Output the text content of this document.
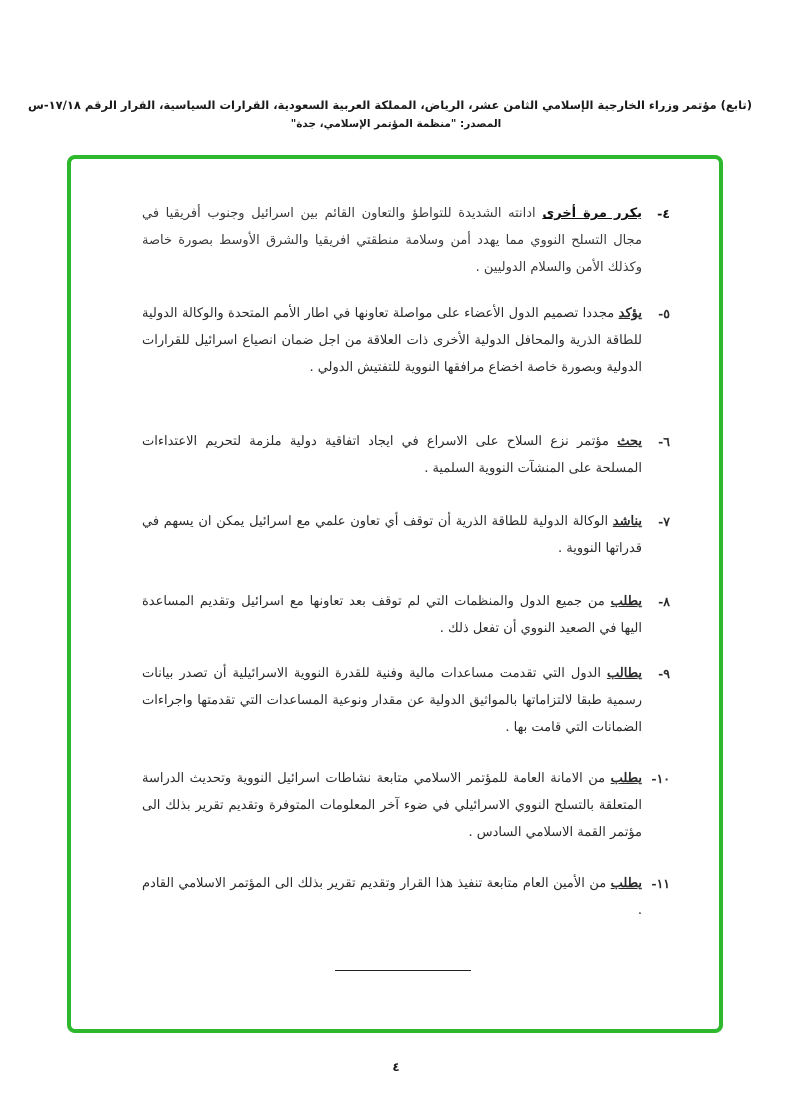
(تابع) مؤتمر وزراء الخارجية الإسلامي الثامن عشر، الرياض، المملكة العربية السعودية، القرارات السياسية، القرار الرقم ١٧/١٨-س
المصدر: "منظمة المؤتمر الإسلامي، جدة"
٤-
يكرر مرة أخرى ادانته الشديدة للتواطؤ والتعاون القائم بين اسرائيل وجنوب أفريقيا في مجال التسلح النووي مما يهدد أمن وسلامة منطقتي افريقيا والشرق الأوسط بصورة خاصة وكذلك الأمن والسلام الدوليين .
٥-
يؤكد مجددا تصميم الدول الأعضاء على مواصلة تعاونها في اطار الأمم المتحدة والوكالة الدولية للطاقة الذرية والمحافل الدولية الأخرى ذات العلاقة من اجل ضمان انصياع اسرائيل للقرارات الدولية وبصورة خاصة اخضاع مرافقها النووية للتفتيش الدولي .
٦-
يحث مؤتمر نزع السلاح على الاسراع في ايجاد اتفاقية دولية ملزمة لتحريم الاعتداءات المسلحة على المنشآت النووية السلمية .
٧-
يناشد الوكالة الدولية للطاقة الذرية أن توقف أي تعاون علمي مع اسرائيل يمكن ان يسهم في قدراتها النووية .
٨-
يطلب من جميع الدول والمنظمات التي لم توقف بعد تعاونها مع اسرائيل وتقديم المساعدة اليها في الصعيد النووي أن تفعل ذلك .
٩-
يطالب الدول التي تقدمت مساعدات مالية وفنية للقدرة النووية الاسرائيلية أن تصدر بيانات رسمية طبقا لالتزاماتها بالمواثيق الدولية عن مقدار ونوعية المساعدات التي تقدمتها واجراءات الضمانات التي قامت بها .
١٠-
يطلب من الامانة العامة للمؤتمر الاسلامي متابعة نشاطات اسرائيل النووية وتحديث الدراسة المتعلقة بالتسلح النووي الاسرائيلي في ضوء آخر المعلومات المتوفرة وتقديم تقرير بذلك الى مؤتمر القمة الاسلامي السادس .
١١-
يطلب من الأمين العام متابعة تنفيذ هذا القرار وتقديم تقرير بذلك الى المؤتمر الاسلامي القادم .
٤
